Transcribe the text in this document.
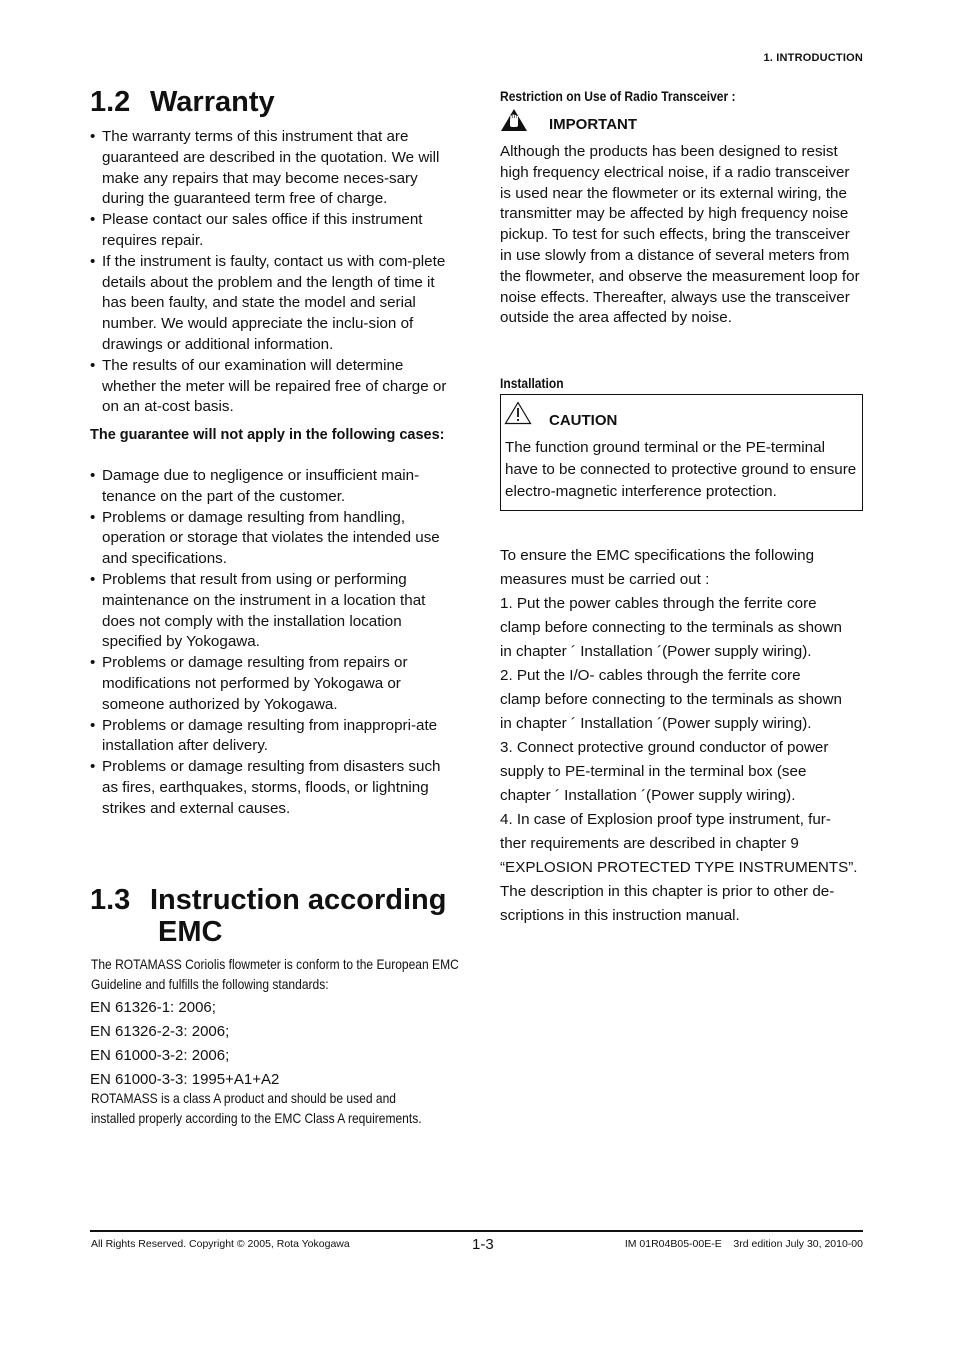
1. INTRODUCTION
1.2 Warranty
• The warranty terms of this instrument that are guaranteed are described in the quotation. We will make any repairs that may become neces-sary during the guaranteed term free of charge.
• Please contact our sales office if this instrument requires repair.
• If the instrument is faulty, contact us with com-plete details about the problem and the length of time it has been faulty, and state the model and serial number. We would appreciate the inclu-sion of drawings or additional information.
• The results of our examination will determine whether the meter will be repaired free of charge or on an at-cost basis.

The guarantee will not apply in the following cases:

• Damage due to negligence or insufficient main-tenance on the part of the customer.
• Problems or damage resulting from handling, operation or storage that violates the intended use and specifications.
• Problems that result from using or performing maintenance on the instrument in a location that does not comply with the installation location specified by Yokogawa.
• Problems or damage resulting from repairs or modifications not performed by Yokogawa or someone authorized by Yokogawa.
• Problems or damage resulting from inappropri-ate installation after delivery.
• Problems or damage resulting from disasters such as fires, earthquakes, storms, floods, or lightning strikes and external causes.
1.3 Instruction according
EMC
The ROTAMASS Coriolis flowmeter is conform to the European EMC Guideline and fulfills the following standards:
EN 61326-1: 2006;
EN 61326-2-3: 2006;
EN 61000-3-2: 2006;
EN 61000-3-3: 1995+A1+A2
ROTAMASS is a class A product and should be used and installed properly according to the EMC Class A requirements.
Restriction on Use of Radio Transceiver :
IMPORTANT

Although the products has been designed to resist high frequency electrical noise, if a radio transceiver is used near the flowmeter or its external wiring, the transmitter may be affected by high frequency noise pickup. To test for such effects, bring the transceiver in use slowly from a distance of several meters from the flowmeter, and observe the measurement loop for noise effects. Thereafter, always use the transceiver outside the area affected by noise.

Installation
CAUTION

The function ground terminal or the PE-terminal have to be connected to protective ground to ensure electro-magnetic interference protection.

To ensure the EMC specifications the following

measures must be carried out :

1. Put the power cables through the ferrite core

clamp before connecting to the terminals as shown

in chapter ´ Installation ´(Power supply wiring).

2. Put the I/O- cables through the ferrite core

clamp before connecting to the terminals as shown

in chapter ´ Installation ´(Power supply wiring).

3. Connect protective ground conductor of power

supply to PE-terminal in the terminal box (see

chapter ´ Installation ´(Power supply wiring).

4. In case of Explosion proof type instrument, fur-

ther requirements are described in chapter 9

“EXPLOSION PROTECTED TYPE INSTRUMENTS”.

The description in this chapter is prior to other de-

scriptions in this instruction manual.

All Rights Reserved. Copyright © 2005, Rota Yokogawa	1-3	IM 01R04B05-00E-E    3rd edition July 30, 2010-00
